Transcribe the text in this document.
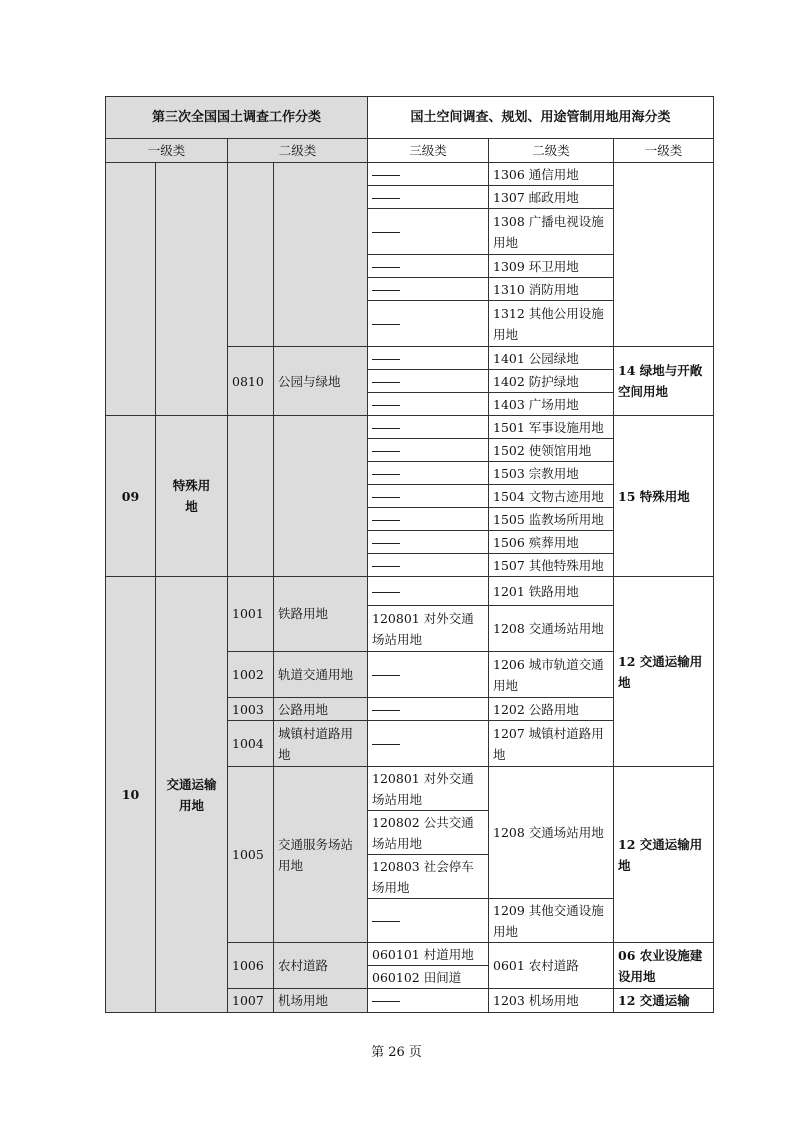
第三次全国国土调查工作分类				国土空间调查、规划、用途管制用地用海分类		
一级类		二级类		三级类	二级类	一级类
					1306 通信用地	
					1307 邮政用地	
					1308 广播电视设施用地	
					1309 环卫用地	
					1310 消防用地	
					1312 其他公用设施用地	

		0810	公园与绿地		1401 公园绿地	14 绿地与开敞空间用地
					1402 防护绿地	
					1403 广场用地	
09	特殊用地				1501 军事设施用地	15 特殊用地
					1502 使领馆用地	
					1503 宗教用地	
					1504 文物古迹用地	
					1505 监教场所用地	
					1506 殡葬用地	
					1507 其他特殊用地	
10	交通运输用地	1001	铁路用地		1201 铁路用地	12 交通运输用地
				120801 对外交通场站用地	1208 交通场站用地	
		1002	轨道交通用地		1206 城市轨道交通用地	
		1003	公路用地		1202 公路用地	
		1004	城镇村道路用地		1207 城镇村道路用地	
		1005	交通服务场站用地	120801 对外交通场站用地	1208 交通场站用地	12 交通运输用地
				120802 公共交通场站用地		
				120803 社会停车场用地		
					1209 其他交通设施用地	
		1006	农村道路	060101 村道用地	0601 农村道路	06 农业设施建设用地
				060102 田间道		
		1007	机场用地		1203 机场用地	12 交通运输
第 26 页
